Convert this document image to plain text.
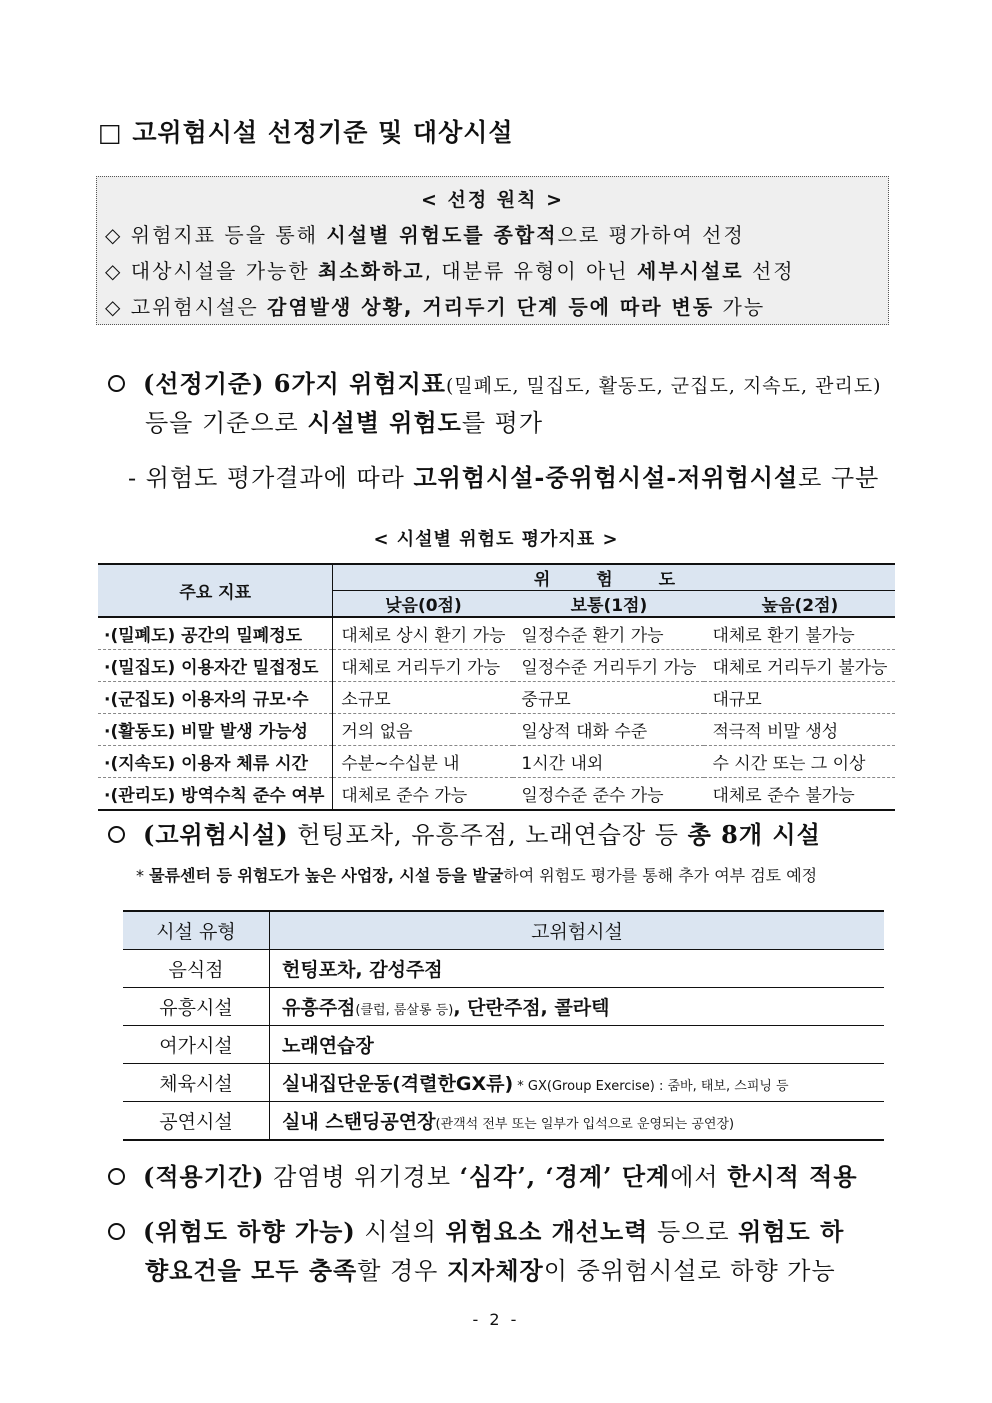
□ 고위험시설 선정기준 및 대상시설
< 선정 원칙 >
◇ 위험지표 등을 통해 시설별 위험도를 종합적으로 평가하여 선정
◇ 대상시설을 가능한 최소화하고, 대분류 유형이 아닌 세부시설로 선정
◇ 고위험시설은 감염발생 상황, 거리두기 단계 등에 따라 변동 가능
(선정기준) 6가지 위험지표(밀폐도, 밀집도, 활동도, 군집도, 지속도, 관리도)
등을 기준으로 시설별 위험도를 평가
- 위험도 평가결과에 따라 고위험시설-중위험시설-저위험시설로 구분
< 시설별 위험도 평가지표 >
주요 지표	위 험 도		
	낮음(0점)	보통(1점)	높음(2점)
·(밀폐도) 공간의 밀폐정도	대체로 상시 환기 가능	일정수준 환기 가능	대체로 환기 불가능
·(밀집도) 이용자간 밀접정도	대체로 거리두기 가능	일정수준 거리두기 가능	대체로 거리두기 불가능
·(군집도) 이용자의 규모·수	소규모	중규모	대규모
·(활동도) 비말 발생 가능성	거의 없음	일상적 대화 수준	적극적 비말 생성
·(지속도) 이용자 체류 시간	수분~수십분 내	1시간 내외	수 시간 또는 그 이상
·(관리도) 방역수칙 준수 여부	대체로 준수 가능	일정수준 준수 가능	대체로 준수 불가능
(고위험시설) 헌팅포차, 유흥주점, 노래연습장 등 총 8개 시설
* 물류센터 등 위험도가 높은 사업장, 시설 등을 발굴하여 위험도 평가를 통해 추가 여부 검토 예정
시설 유형	고위험시설
음식점	헌팅포차, 감성주점
유흥시설	유흥주점(클럽, 룸살롱 등), 단란주점, 콜라텍
여가시설	노래연습장
체육시설	실내집단운동(격렬한GX류) * GX(Group Exercise) : 줌바, 태보, 스피닝 등
공연시설	실내 스탠딩공연장(관객석 전부 또는 일부가 입석으로 운영되는 공연장)
(적용기간) 감염병 위기경보 ‘심각’, ‘경계’ 단계에서 한시적 적용
(위험도 하향 가능) 시설의 위험요소 개선노력 등으로 위험도 하
향요건을 모두 충족할 경우 지자체장이 중위험시설로 하향 가능
- 2 -
